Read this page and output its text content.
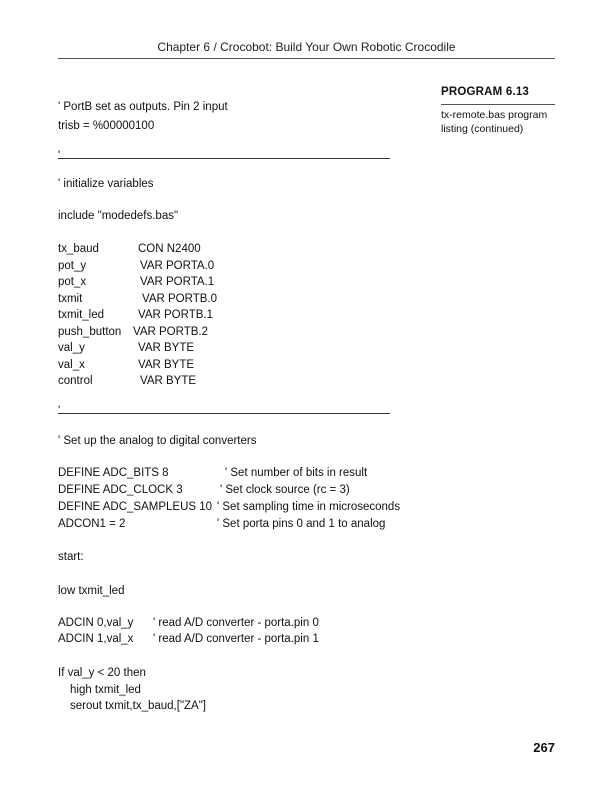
Chapter 6 / Crocobot: Build Your Own Robotic Crocodile
PROGRAM 6.13
tx-remote.bas program
listing (continued)
' PortB set as outputs. Pin 2 input
trisb = %00000100
'
' initialize variables
include "modedefs.bas"
tx_baud	CON N2400
pot_y	VAR PORTA.0
pot_x	VAR PORTA.1
txmit	VAR PORTB.0
txmit_led	VAR PORTB.1
push_button VAR PORTB.2
val_y	VAR BYTE
val_x	VAR BYTE
control	VAR BYTE
'
' Set up the analog to digital converters
DEFINE ADC_BITS 8	' Set number of bits in result
DEFINE ADC_CLOCK 3	' Set clock source (rc = 3)
DEFINE ADC_SAMPLEUS 10 ' Set sampling time in microseconds
ADCON1 = 2	' Set porta pins 0 and 1 to analog
start:
low txmit_led
ADCIN 0,val_y ' read A/D converter - porta.pin 0
ADCIN 1,val_x ' read A/D converter - porta.pin 1
If val_y < 20 then
high txmit_led
serout txmit,tx_baud,["ZA"]
267
